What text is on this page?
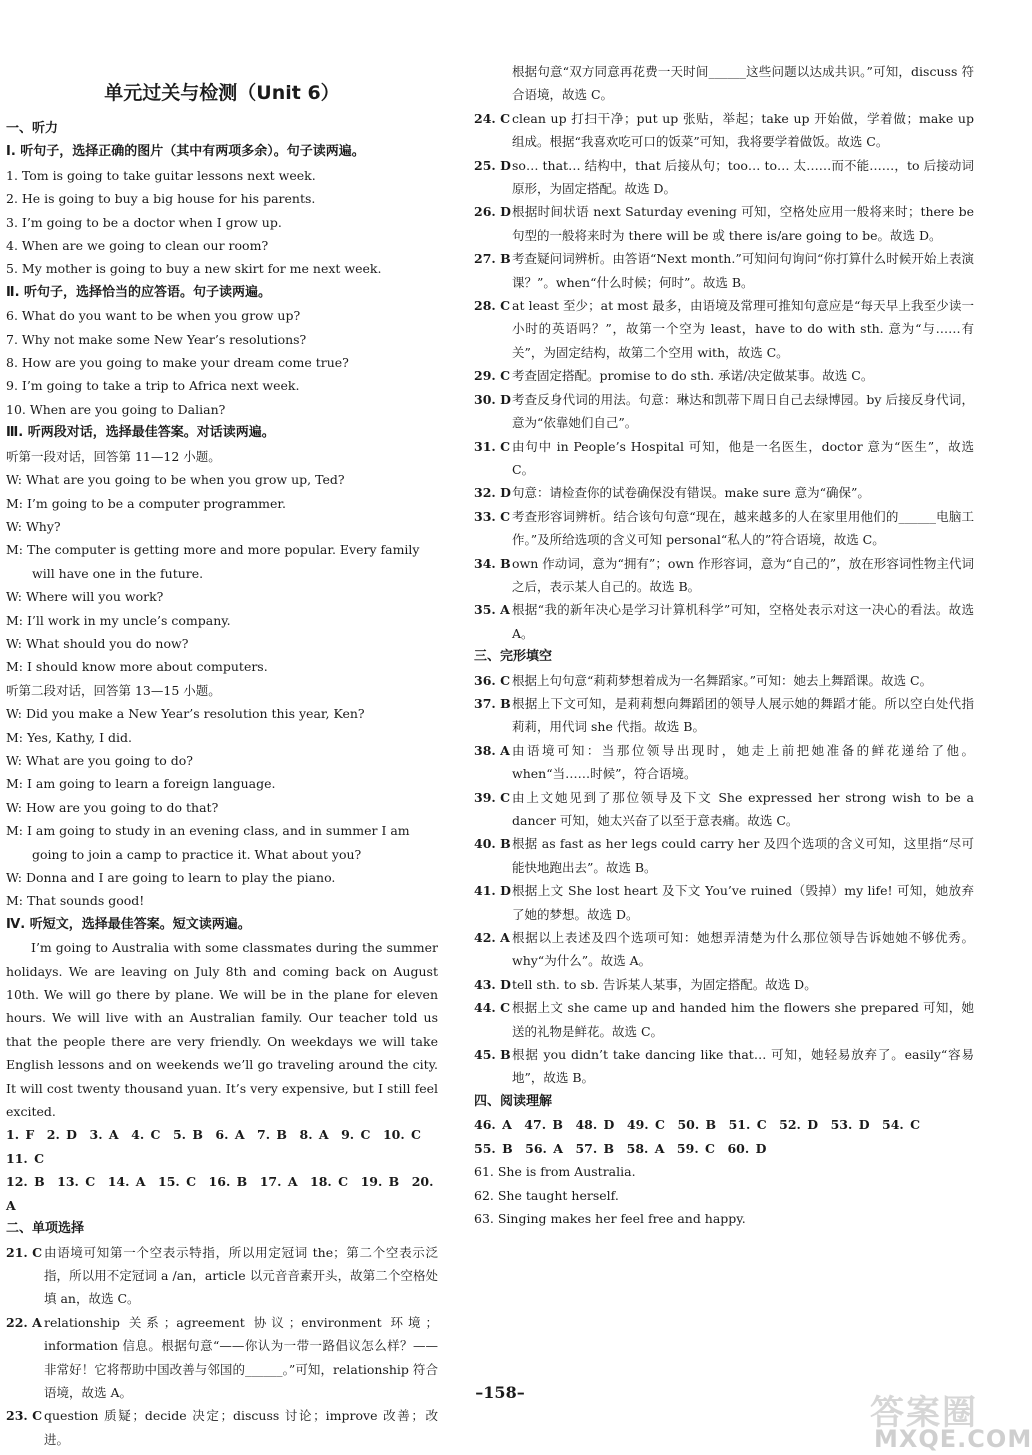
单元过关与检测（Unit 6）
一、听力
Ⅰ. 听句子，选择正确的图片（其中有两项多余）。句子读两遍。
1. Tom is going to take guitar lessons next week.
2. He is going to buy a big house for his parents.
3. I’m going to be a doctor when I grow up.
4. When are we going to clean our room?
5. My mother is going to buy a new skirt for me next week.
Ⅱ. 听句子，选择恰当的应答语。句子读两遍。
6. What do you want to be when you grow up?
7. Why not make some New Year’s resolutions?
8. How are you going to make your dream come true?
9. I’m going to take a trip to Africa next week.
10. When are you going to Dalian?
Ⅲ. 听两段对话，选择最佳答案。对话读两遍。
听第一段对话，回答第 11—12 小题。
W: What are you going to be when you grow up, Ted?
M: I’m going to be a computer programmer.
W: Why?
M: The computer is getting more and more popular. Every family will have one in the future.
W: Where will you work?
M: I’ll work in my uncle’s company.
W: What should you do now?
M: I should know more about computers.
听第二段对话，回答第 13—15 小题。
W: Did you make a New Year’s resolution this year, Ken?
M: Yes, Kathy, I did.
W: What are you going to do?
M: I am going to learn a foreign language.
W: How are you going to do that?
M: I am going to study in an evening class, and in summer I am going to join a camp to practice it. What about you?
W: Donna and I are going to learn to play the piano.
M: That sounds good!
Ⅳ. 听短文，选择最佳答案。短文读两遍。
I’m going to Australia with some classmates during the summer holidays. We are leaving on July 8th and coming back on August 10th. We will go there by plane. We will be in the plane for eleven hours. We will live with an Australian family. Our teacher told us that the people there are very friendly. On weekdays we will take English lessons and on weekends we’ll go traveling around the city. It will cost twenty thousand yuan. It’s very expensive, but I still feel excited.
1. F　2. D　3. A　4. C　5. B　6. A　7. B　8. A　9. C　10. C　11. C
12. B　13. C　14. A　15. C　16. B　17. A　18. C　19. B　20. A
二、单项选择
21. C 由语境可知第一个空表示特指，所以用定冠词 the；第二个空表示泛指，所以用不定冠词 a /an，article 以元音音素开头，故第二个空格处填 an，故选 C。
22. A relationship 关系；agreement 协议；environment 环境；information 信息。根据句意“——你认为一带一路倡议怎么样？——非常好！它将帮助中国改善与邻国的______。”可知，relationship 符合语境，故选 A。
23. C question 质疑；decide 决定；discuss 讨论；improve 改善；改进。
根据句意“双方同意再花费一天时间______这些问题以达成共识。”可知，discuss 符合语境，故选 C。
24. C clean up 打扫干净；put up 张贴，举起；take up 开始做，学着做；make up 组成。根据“我喜欢吃可口的饭菜”可知，我将要学着做饭。故选 C。
25. D so… that… 结构中，that 后接从句；too… to… 太……而不能……，to 后接动词原形，为固定搭配。故选 D。
26. D 根据时间状语 next Saturday evening 可知，空格处应用一般将来时；there be 句型的一般将来时为 there will be 或 there is/are going to be。故选 D。
27. B 考查疑问词辨析。由答语“Next month.”可知问句询问“你打算什么时候开始上表演课？”。when“什么时候；何时”。故选 B。
28. C at least 至少；at most 最多，由语境及常理可推知句意应是“每天早上我至少读一小时的英语吗？”，故第一个空为 least，have to do with sth. 意为“与……有关”，为固定结构，故第二个空用 with，故选 C。
29. C 考查固定搭配。promise to do sth. 承诺/决定做某事。故选 C。
30. D 考查反身代词的用法。句意：琳达和凯蒂下周日自己去绿博园。by 后接反身代词，意为“依靠她们自己”。
31. C 由句中 in People’s Hospital 可知，他是一名医生，doctor 意为“医生”，故选 C。
32. D 句意：请检查你的试卷确保没有错误。make sure 意为“确保”。
33. C 考查形容词辨析。结合该句句意“现在，越来越多的人在家里用他们的______电脑工作。”及所给选项的含义可知 personal“私人的”符合语境，故选 C。
34. B own 作动词，意为“拥有”；own 作形容词，意为“自己的”，放在形容词性物主代词之后，表示某人自己的。故选 B。
35. A 根据“我的新年决心是学习计算机科学”可知，空格处表示对这一决心的看法。故选 A。
三、完形填空
36. C 根据上句句意“莉莉梦想着成为一名舞蹈家。”可知：她去上舞蹈课。故选 C。
37. B 根据上下文可知，是莉莉想向舞蹈团的领导人展示她的舞蹈才能。所以空白处代指莉莉，用代词 she 代指。故选 B。
38. A 由语境可知：当那位领导出现时，她走上前把她准备的鲜花递给了他。when“当……时候”，符合语境。
39. C 由上文她见到了那位领导及下文 She expressed her strong wish to be a dancer 可知，她太兴奋了以至于意表痛。故选 C。
40. B 根据 as fast as her legs could carry her 及四个选项的含义可知，这里指“尽可能快地跑出去”。故选 B。
41. D 根据上文 She lost heart 及下文 You’ve ruined（毁掉）my life! 可知，她放弃了她的梦想。故选 D。
42. A 根据以上表述及四个选项可知：她想弄清楚为什么那位领导告诉她她不够优秀。why“为什么”。故选 A。
43. D tell sth. to sb. 告诉某人某事，为固定搭配。故选 D。
44. C 根据上文 she came up and handed him the flowers she prepared 可知，她送的礼物是鲜花。故选 C。
45. B 根据 you didn’t take dancing like that… 可知，她轻易放弃了。easily“容易地”，故选 B。
四、阅读理解
46. A　47. B　48. D　49. C　50. B　51. C　52. D　53. D　54. C
55. B　56. A　57. B　58. A　59. C　60. D
61. She is from Australia.
62. She taught herself.
63. Singing makes her feel free and happy.
–158–
答案圈
MXQE.COM
